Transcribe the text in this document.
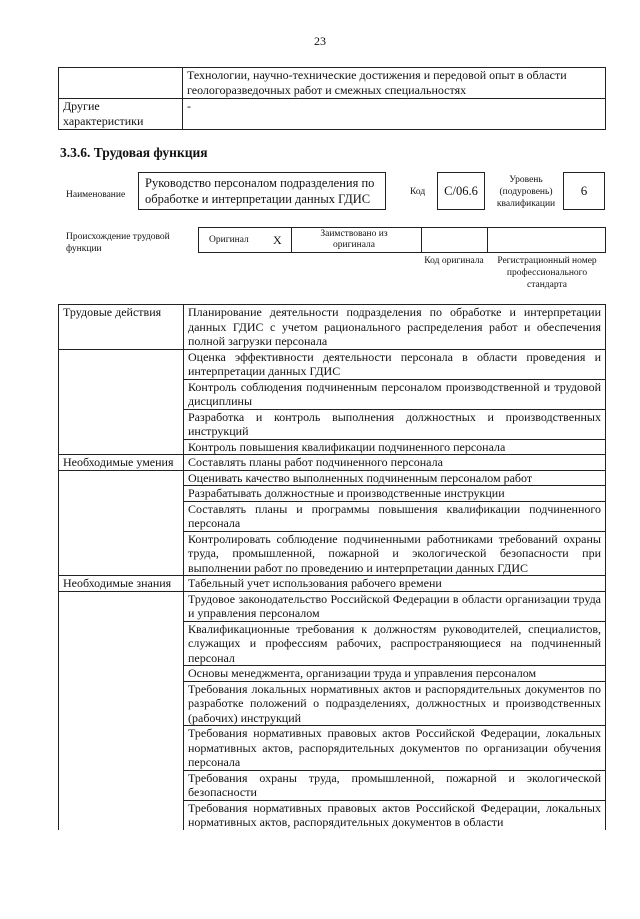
23
	Технологии, научно-технические достижения и передовой опыт в области геологоразведочных работ и смежных специальностях
Другие характеристики	-
3.3.6. Трудовая функция
Наименование
Руководство персоналом подразделения по обработке и интерпретации данных ГДИС	Код	С/06.6
Уровень (подуровень) квалификации
6
Происхождение трудовой функции
Оригинал X	Заимствовано из оригинала
Код оригинала	Регистрационный номер профессионального стандарта
Трудовые действия	Планирование деятельности подразделения по обработке и интерпретации данных ГДИС с учетом рационального распределения работ и обеспечения полной загрузки персонала
	Оценка эффективности деятельности персонала в области проведения и интерпретации данных ГДИС
	Контроль соблюдения подчиненным персоналом производственной и трудовой дисциплины
	Разработка и контроль выполнения должностных и производственных инструкций
	Контроль повышения квалификации подчиненного персонала
Необходимые умения	Составлять планы работ подчиненного персонала
	Оценивать качество выполненных подчиненным персоналом работ
	Разрабатывать должностные и производственные инструкции
	Составлять планы и программы повышения квалификации подчиненного персонала
	Контролировать соблюдение подчиненными работниками требований охраны труда, промышленной, пожарной и экологической безопасности при выполнении работ по проведению и интерпретации данных ГДИС
Необходимые знания	Табельный учет использования рабочего времени
	Трудовое законодательство Российской Федерации в области организации труда и управления персоналом
	Квалификационные требования к должностям руководителей, специалистов, служащих и профессиям рабочих, распространяющиеся на подчиненный персонал
	Основы менеджмента, организации труда и управления персоналом
	Требования локальных нормативных актов и распорядительных документов по разработке положений о подразделениях, должностных и производственных (рабочих) инструкций
	Требования нормативных правовых актов Российской Федерации, локальных нормативных актов, распорядительных документов по организации обучения персонала
	Требования охраны труда, промышленной, пожарной и экологической безопасности
	Требования нормативных правовых актов Российской Федерации, локальных нормативных актов, распорядительных документов в области
